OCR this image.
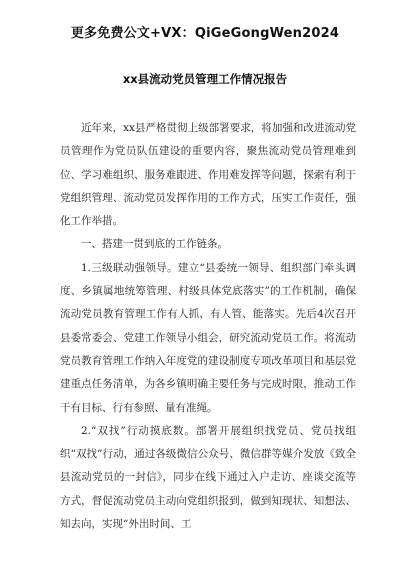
更多免费公文+VX：QiGeGongWen2024
xx县流动党员管理工作情况报告

近年来，xx县严格贯彻上级部署要求，将加强和改进流动党员管理作为党员队伍建设的重要内容，聚焦流动党员管理难到位、学习难组织、服务难跟进、作用难发挥等问题，探索有利于党组织管理、流动党员发挥作用的工作方式，压实工作责任，强化工作举措。

一、搭建一贯到底的工作链条。

1.三级联动强领导。建立“县委统一领导、组织部门牵头调度、乡镇属地统筹管理、村级具体党底落实”的工作机制，确保流动党员教育管理工作有人抓、有人管、能落实。先后4次召开县委常委会、党建工作领导小组会，研究流动党员工作。将流动党员教育管理工作纳入年度党的建设制度专项改革项目和基层党建重点任务清单，为各乡镇明确主要任务与完成时限，推动工作干有目标、行有参照、量有准绳。

2.“双找”行动摸底数。部署开展组织找党员、党员找组织“双找”行动，通过各级微信公众号、微信群等媒介发放《致全县流动党员的一封信》，同步在线下通过入户走访、座谈交流等方式，督促流动党员主动向党组织报到，做到知现状、知想法、知去向，实现“外出时间、工
